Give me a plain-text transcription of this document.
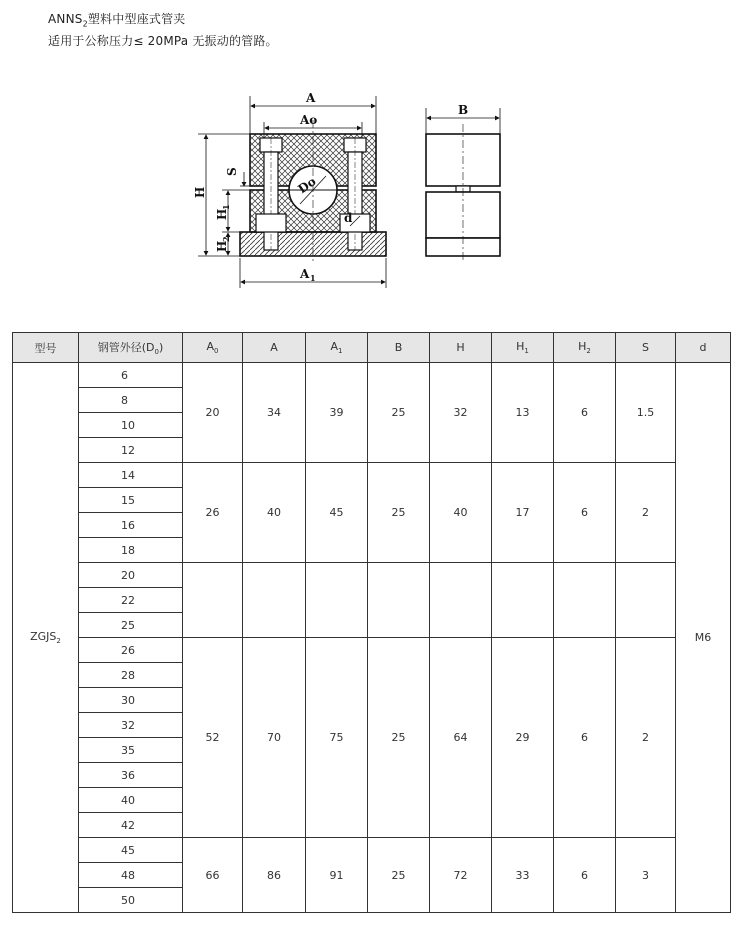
$ANNS_2$塑料中型座式管夹
适用于公称压力≤ 20MPa 无振动的管路。
A
Ao
Do
H
S
H
1
H
2
d
A 1
B
型号	钢管外径$(D_0)$	$A_0$	A	$A_1$	B	H	$H_1$	$H_2$	S	d
$ZGJS_2$	6	20	34	39	25	32	13	6	1.5	M6
	8									
	10									
	12									
	14	26	40	45	25	40	17	6	2	
	15									
	16									
	18									
	20									
	22									
	25									
	26	52	70	75	25	64	29	6	2	
	28									
	30									
	32									
	35									
	36									
	40									
	42									
	45	66	86	91	25	72	33	6	3	
	48									
	50									
